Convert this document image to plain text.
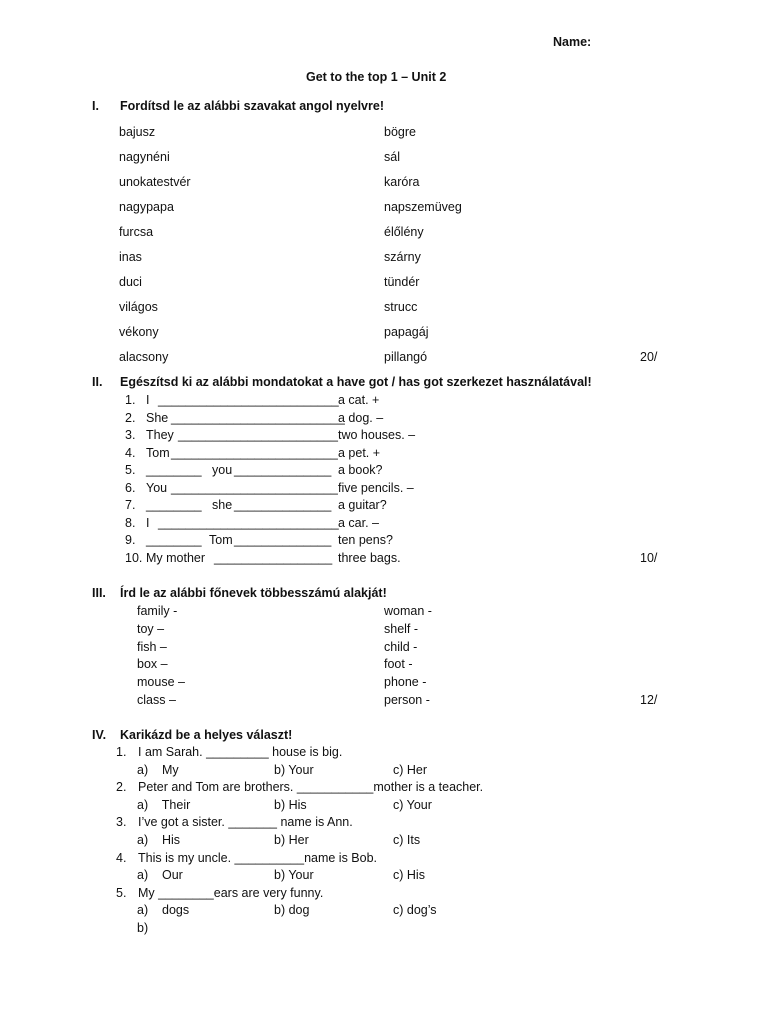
Name:
Get to the top 1 – Unit 2
I. Fordítsd le az alábbi szavakat angol nyelvre!
bajusz	bögre
nagynéni	sál
unokatestvér	karóra
nagypapa	napszemüveg
furcsa	élőlény
inas	szárny
duci	tündér
világos	strucc
vékony	papagáj
alacsony	pillangó	20/
II. Egészítsd ki az alábbi mondatokat a have got / has got szerkezet használatával!
1. I __________________________ a cat. +
2. She _________________________
a dog. –
3. They _______________________ two houses. –
4. Tom ________________________ a pet. +
5. ________ you ______________ a book?
6. You ________________________ five pencils. –
7. ________ she ______________ a guitar?
8. I __________________________ a car. –
9. ________ Tom ______________ ten pens?
10. My mother _________________ three bags.	10/
III. Írd le az alábbi főnevek többesszámú alakját!
family -	woman -
toy –	shelf -
fish –	child -
box –	foot -
mouse –	phone -
class –	person -	12/
IV. Karikázd be a helyes választ!
1. I am Sarah. _________ house is big.
a)    My	b) Your	c) Her
2. Peter and Tom are brothers. ___________mother is a teacher.
a)    Their	b) His	c) Your
3. I’ve got a sister. _______ name is Ann.
a)    His	b) Her	c) Its
4. This is my uncle. __________name is Bob.
a)    Our	b) Your	c) His
5. My ________ears are very funny.
a)    dogs	b) dog	c) dog’s
b)
